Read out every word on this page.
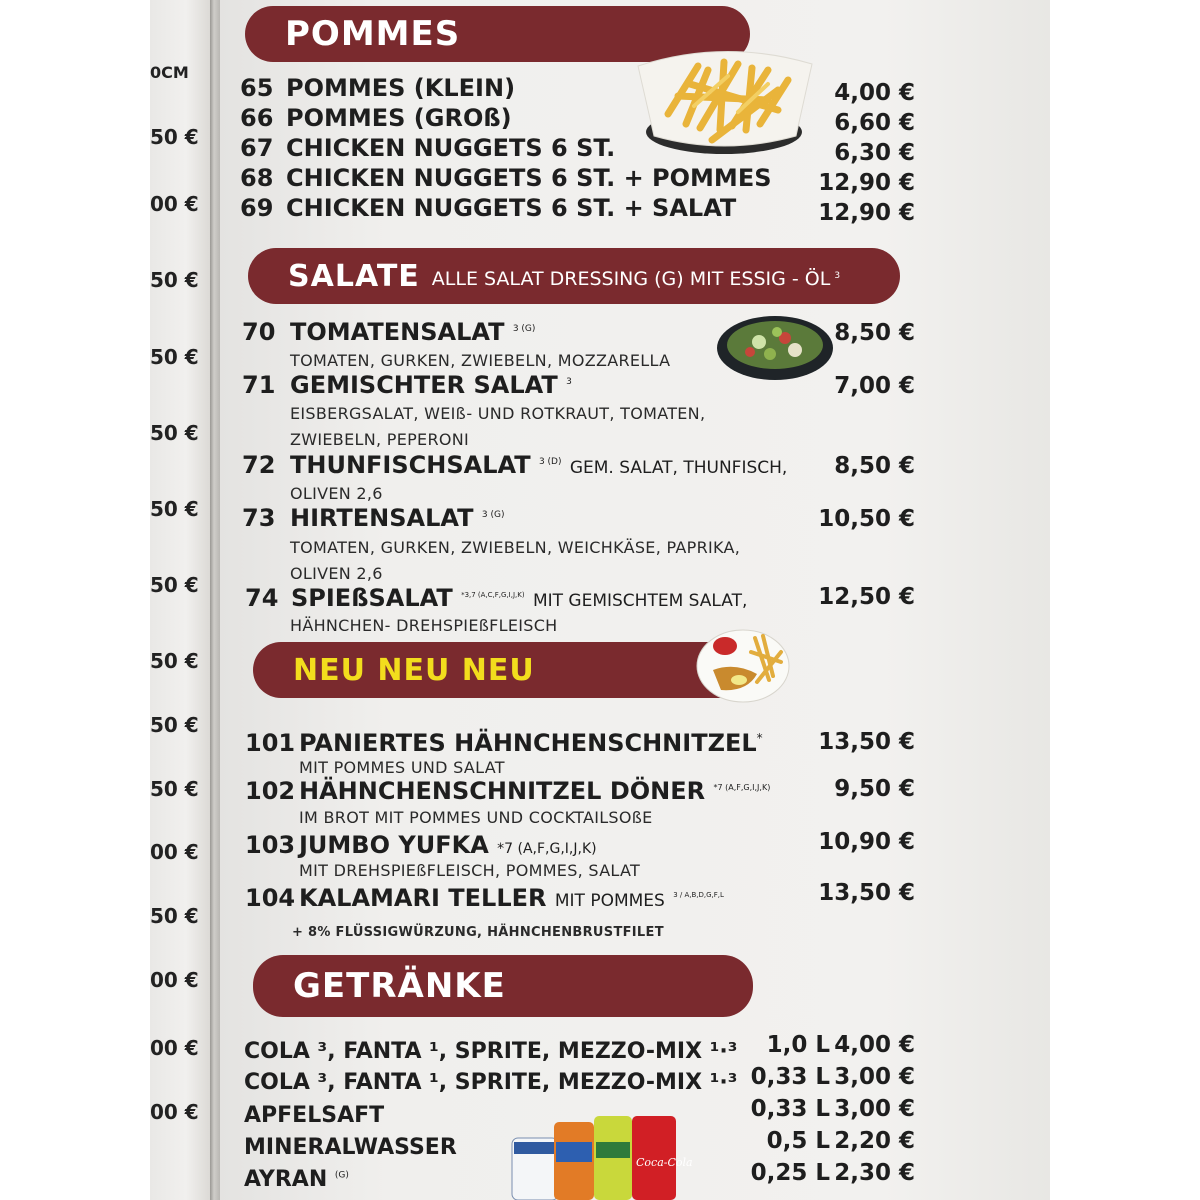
0CM
50 €
00 €
50 €
50 €
50 €
50 €
50 €
50 €
50 €
50 €
00 €
50 €
00 €
00 €
00 €
POMMES
65 POMMES (KLEIN)	4,00 €
66 POMMES (GROß)	6,60 €
67 CHICKEN NUGGETS 6 ST.	6,30 €
68 CHICKEN NUGGETS 6 ST. + POMMES 12,90 €
69 CHICKEN NUGGETS 6 ST. + SALAT	12,90 €
SALATE ALLE SALAT DRESSING (G) MIT ESSIG - ÖL 3
70 TOMATENSALAT $^{3 (G)}$	8,50 €
TOMATEN, GURKEN, ZWIEBELN, MOZZARELLA
71 GEMISCHTER SALAT $^3$	7,00 €
EISBERGSALAT, WEIß- UND ROTKRAUT, TOMATEN,
ZWIEBELN, PEPERONI
72 THUNFISCHSALAT $^{3 (D)}$ GEM. SALAT, THUNFISCH, 8,50 €
OLIVEN 2,6
73 HIRTENSALAT $^{3 (G)}$	10,50 €
TOMATEN, GURKEN, ZWIEBELN, WEICHKÄSE, PAPRIKA,
OLIVEN 2,6
74 SPIEßSALAT $^{*3,7 (A,C,F,G,I,J,K)}$ MIT GEMISCHTEM SALAT,	12,50 €
HÄHNCHEN- DREHSPIEßFLEISCH
NEU NEU NEU
101 PANIERTES HÄHNCHENSCHNITZEL* 13,50 €
MIT POMMES UND SALAT
102 HÄHNCHENSCHNITZEL DÖNER $^{*7 (A,F,G,I,J,K)}$	9,50 €
IM BROT MIT POMMES UND COCKTAILSOßE
103 JUMBO YUFKA *7 (A,F,G,I,J,K)	10,90 €
MIT DREHSPIEßFLEISCH, POMMES, SALAT
104 KALAMARI TELLER MIT POMMES $^{3 / A,B,D,G,F,L}$	13,50 €
+ 8% FLÜSSIGWÜRZUNG, HÄHNCHENBRUSTFILET
GETRÄNKE
Coca-Cola
COLA ³, FANTA ¹, SPRITE, MEZZO-MIX ¹·³ 1,0 L 4,00 €
COLA ³, FANTA ¹, SPRITE, MEZZO-MIX ¹·³ 0,33 L 3,00 €
APFELSAFT	0,33 L 3,00 €
MINERALWASSER	0,5 L 2,20 €
AYRAN $^{(G)}$	0,25 L 2,30 €
